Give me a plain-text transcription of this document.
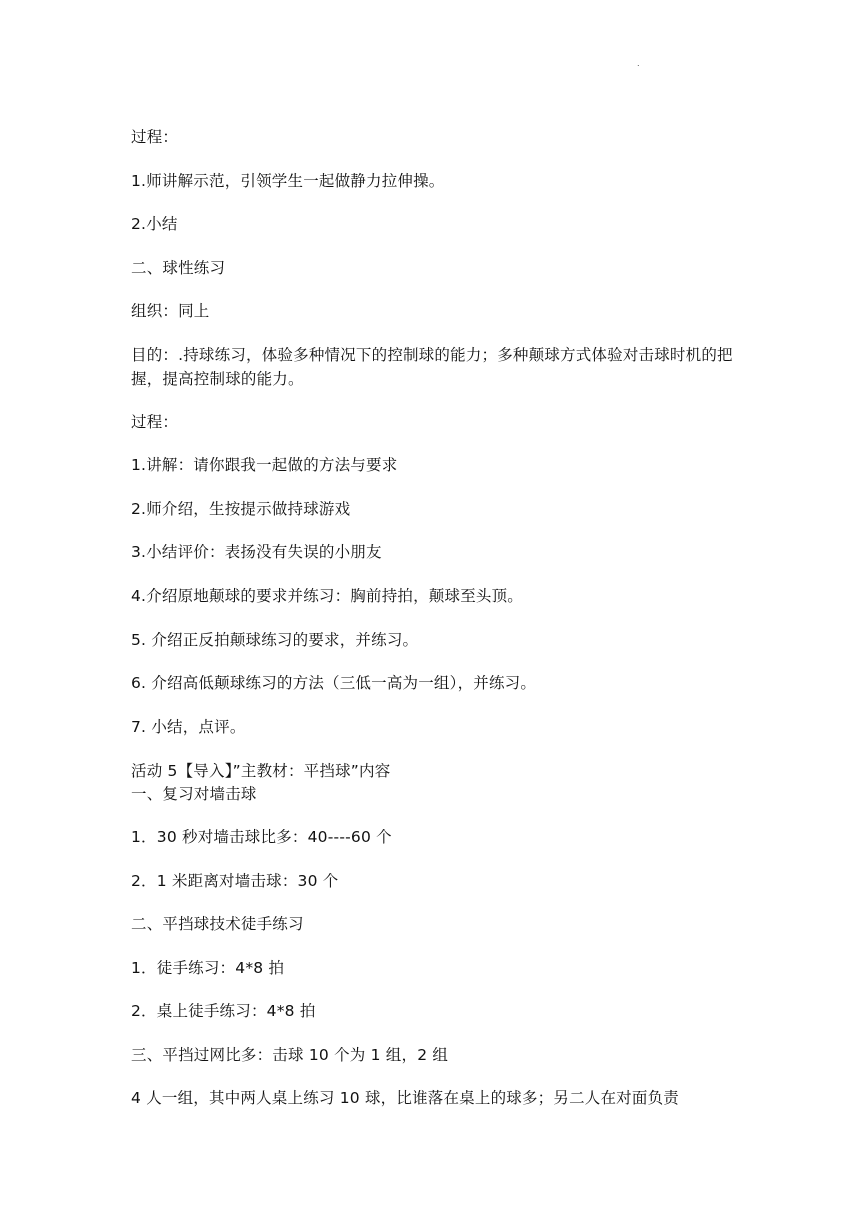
.
过程：
1.师讲解示范，引领学生一起做静力拉伸操。
2.小结
二、球性练习
组织：同上
目的：.持球练习，体验多种情况下的控制球的能力；多种颠球方式体验对击球时机的把握，提高控制球的能力。
过程：
1.讲解：请你跟我一起做的方法与要求
2.师介绍，生按提示做持球游戏
3.小结评价：表扬没有失误的小朋友
4.介绍原地颠球的要求并练习：胸前持拍，颠球至头顶。
5. 介绍正反拍颠球练习的要求，并练习。
6. 介绍高低颠球练习的方法（三低一高为一组），并练习。
7. 小结，点评。
活动 5【导入】”主教材：平挡球”内容
一、复习对墙击球
1．30 秒对墙击球比多：40----60 个
2．1 米距离对墙击球：30 个
二、平挡球技术徒手练习
1．徒手练习：4*8 拍
2．桌上徒手练习：4*8 拍
三、平挡过网比多：击球 10 个为 1 组，2 组
4 人一组，其中两人桌上练习 10 球，比谁落在桌上的球多；另二人在对面负责
